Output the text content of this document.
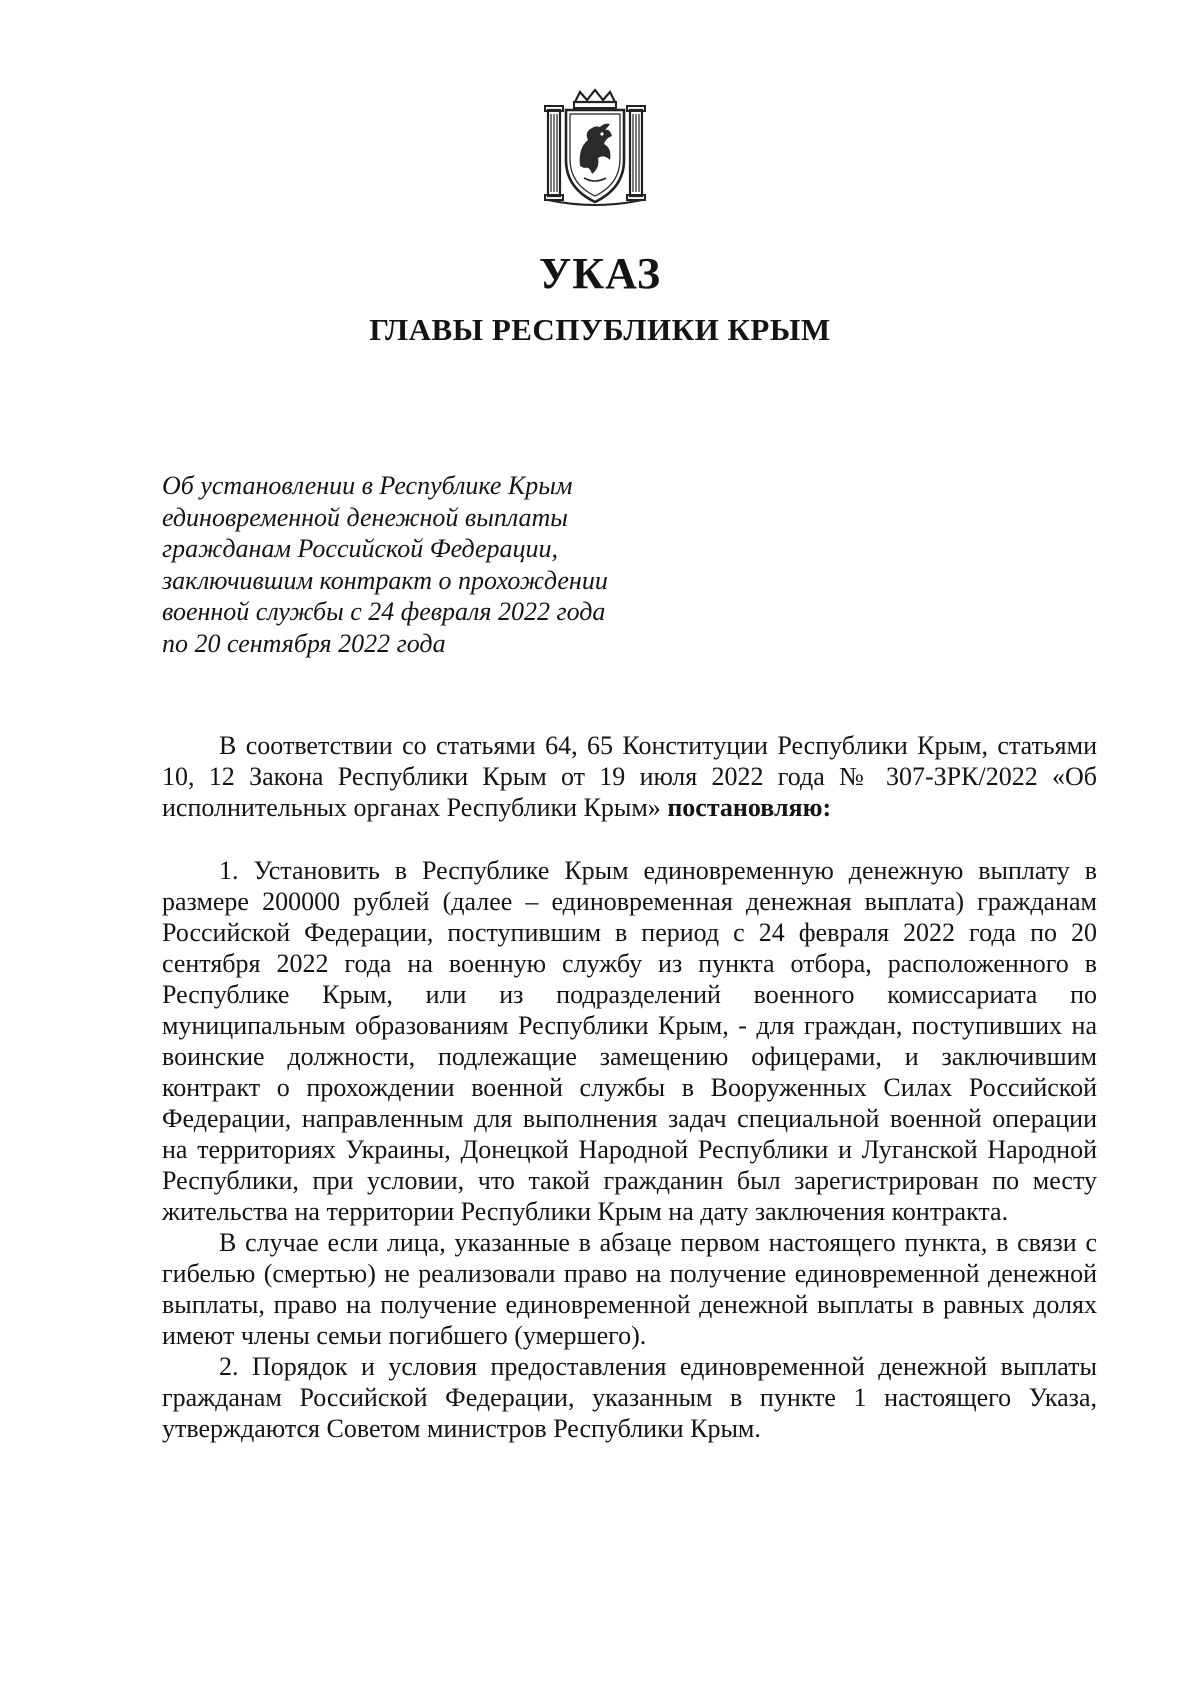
УКАЗ
ГЛАВЫ РЕСПУБЛИКИ КРЫМ
Об установлении в Республике Крым
единовременной денежной выплаты
гражданам Российской Федерации,
заключившим контракт о прохождении
военной службы с 24 февраля 2022 года
по 20 сентября 2022 года

В соответствии со статьями 64, 65 Конституции Республики Крым, статьями 10, 12 Закона Республики Крым от 19 июля 2022 года № 307-ЗРК/2022 «Об исполнительных органах Республики Крым» постановляю:

1. Установить в Республике Крым единовременную денежную выплату в размере 200000 рублей (далее – единовременная денежная выплата) гражданам Российской Федерации, поступившим в период с 24 февраля 2022 года по 20 сентября 2022 года на военную службу из пункта отбора, расположенного в Республике Крым, или из подразделений военного комиссариата по муниципальным образованиям Республики Крым, - для граждан, поступивших на воинские должности, подлежащие замещению офицерами, и заключившим контракт о прохождении военной службы в Вооруженных Силах Российской Федерации, направленным для выполнения задач специальной военной операции на территориях Украины, Донецкой Народной Республики и Луганской Народной Республики, при условии, что такой гражданин был зарегистрирован по месту жительства на территории Республики Крым на дату заключения контракта.

В случае если лица, указанные в абзаце первом настоящего пункта, в связи с гибелью (смертью) не реализовали право на получение единовременной денежной выплаты, право на получение единовременной денежной выплаты в равных долях имеют члены семьи погибшего (умершего).

2. Порядок и условия предоставления единовременной денежной выплаты гражданам Российской Федерации, указанным в пункте 1 настоящего Указа, утверждаются Советом министров Республики Крым.
